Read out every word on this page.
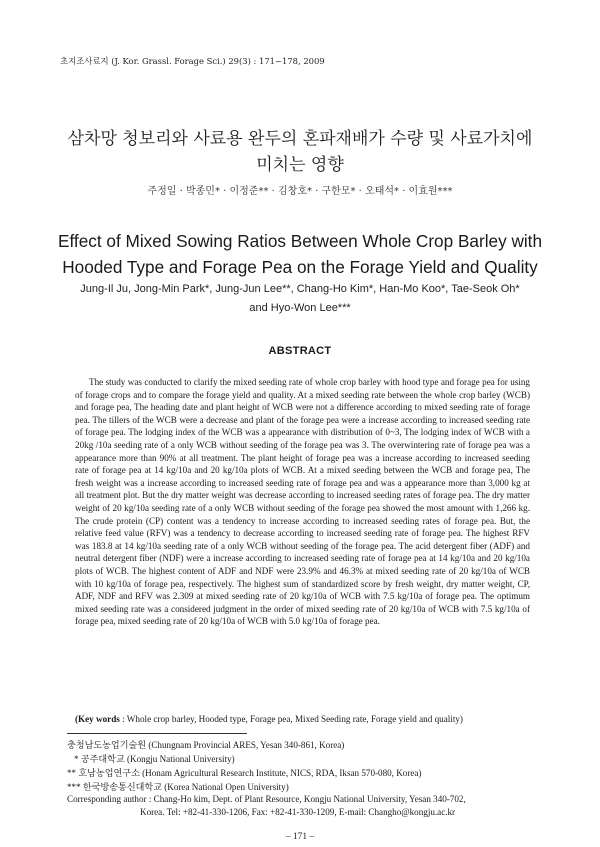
초지조사료지 (J. Kor. Grassl. Forage Sci.) 29(3) : 171~178, 2009
삼차망 청보리와 사료용 완두의 혼파재배가 수량 및 사료가치에
미치는 영향
주정일 · 박종민* · 이정준** · 김창호* · 구한모* · 오태석* · 이효원***
Effect of Mixed Sowing Ratios Between Whole Crop Barley with
Hooded Type and Forage Pea on the Forage Yield and Quality
Jung-Il Ju, Jong-Min Park*, Jung-Jun Lee**, Chang-Ho Kim*, Han-Mo Koo*, Tae-Seok Oh*
and Hyo-Won Lee***
ABSTRACT
The study was conducted to clarify the mixed seeding rate of whole crop barley with hood type and forage pea for using of forage crops and to compare the forage yield and quality. At a mixed seeding rate between the whole crop barley (WCB) and forage pea, The heading date and plant height of WCB were not a difference according to mixed seeding rate of forage pea. The tillers of the WCB were a decrease and plant of the forage pea were a increase according to increased seeding rate of forage pea. The lodging index of the WCB was a appearance with distribution of 0~3, The lodging index of WCB with a 20kg /10a seeding rate of a only WCB without seeding of the forage pea was 3. The overwintering rate of forage pea was a appearance more than 90% at all treatment. The plant height of forage pea was a increase according to increased seeding rate of forage pea at 14 kg/10a and 20 kg/10a plots of WCB. At a mixed seeding between the WCB and forage pea, The fresh weight was a increase according to increased seeding rate of forage pea and was a appearance more than 3,000 kg at all treatment plot. But the dry matter weight was decrease according to increased seeding rates of forage pea. The dry matter weight of 20 kg/10a seeding rate of a only WCB without seeding of the forage pea showed the most amount with 1,266 kg. The crude protein (CP) content was a tendency to increase according to increased seeding rates of forage pea. But, the relative feed value (RFV) was a tendency to decrease according to increased seeding rate of forage pea. The highest RFV was 183.8 at 14 kg/10a seeding rate of a only WCB without seeding of the forage pea. The acid detergent fiber (ADF) and neutral detergent fiber (NDF) were a increase according to increased seeding rate of forage pea at 14 kg/10a and 20 kg/10a plots of WCB. The highest content of ADF and NDF were 23.9% and 46.3% at mixed seeding rate of 20 kg/10a of WCB with 10 kg/10a of forage pea, respectively. The highest sum of standardized score by fresh weight, dry matter weight, CP, ADF, NDF and RFV was 2.309 at mixed seeding rate of 20 kg/10a of WCB with 7.5 kg/10a of forage pea. The optimum mixed seeding rate was a considered judgment in the order of mixed seeding rate of 20 kg/10a of WCB with 7.5 kg/10a of forage pea, mixed seeding rate of 20 kg/10a of WCB with 5.0 kg/10a of forage pea.
(Key words : Whole crop barley, Hooded type, Forage pea, Mixed Seeding rate, Forage yield and quality)
충청남도농업기술원 (Chungnam Provincial ARES, Yesan 340-861, Korea)
* 공주대학교 (Kongju National University)
** 호남농업연구소 (Honam Agricultural Research Institute, NICS, RDA, Iksan 570-080, Korea)
*** 한국방송통신대학교 (Korea National Open University)
Corresponding author : Chang-Ho kim, Dept. of Plant Resource, Kongju National University, Yesan 340-702,
Korea. Tel: +82-41-330-1206, Fax: +82-41-330-1209, E-mail: Changho@kongju.ac.kr
– 171 –
